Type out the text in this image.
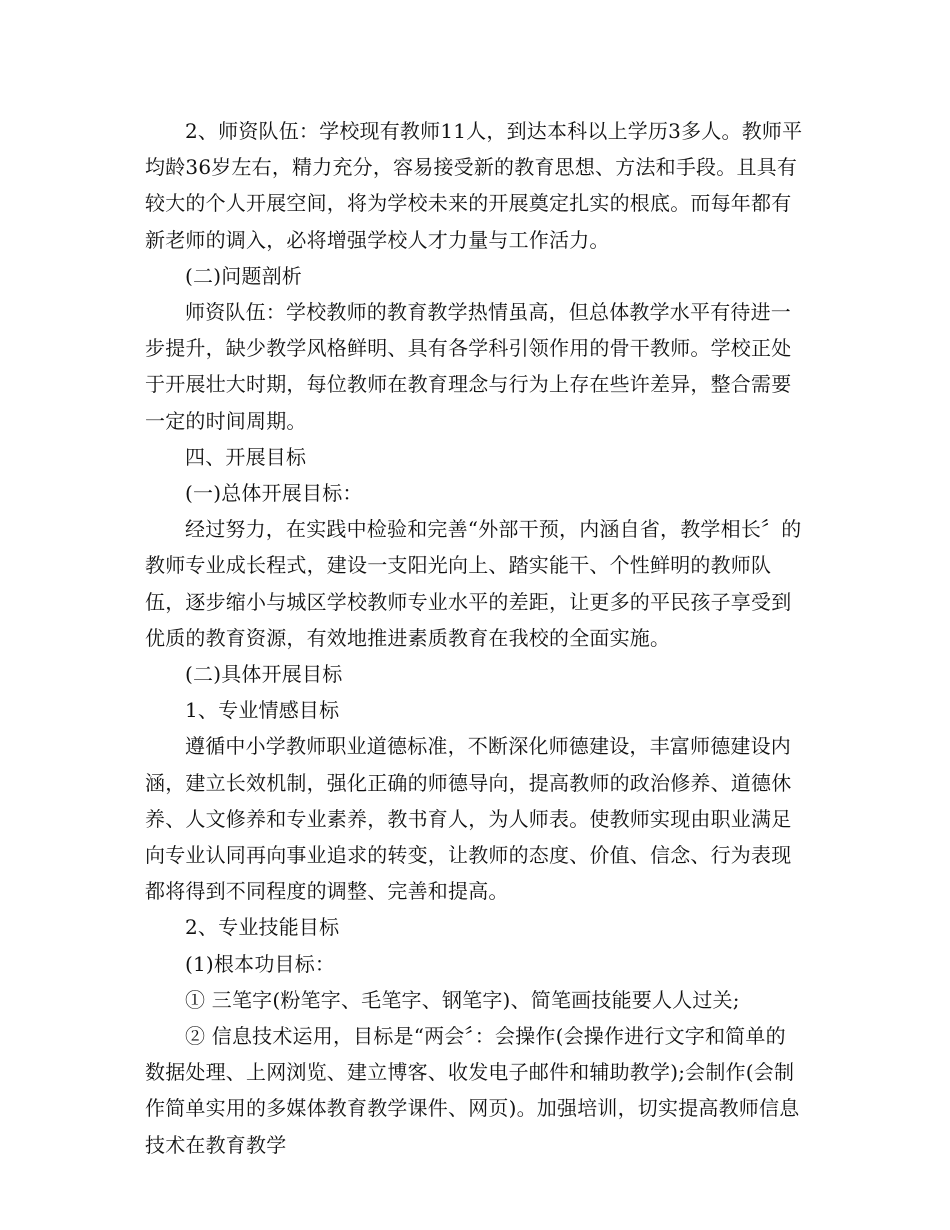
2、师资队伍：学校现有教师11人，到达本科以上学历3多人。教师平均龄36岁左右，精力充分，容易接受新的教育思想、方法和手段。且具有较大的个人开展空间，将为学校未来的开展奠定扎实的根底。而每年都有新老师的调入，必将增强学校人才力量与工作活力。

(二)问题剖析

师资队伍：学校教师的教育教学热情虽高，但总体教学水平有待进一步提升，缺少教学风格鲜明、具有各学科引领作用的骨干教师。学校正处于开展壮大时期，每位教师在教育理念与行为上存在些许差异，整合需要一定的时间周期。

四、开展目标

(一)总体开展目标：

经过努力，在实践中检验和完善“外部干预，内涵自省，教学相长〞的教师专业成长程式，建设一支阳光向上、踏实能干、个性鲜明的教师队伍，逐步缩小与城区学校教师专业水平的差距，让更多的平民孩子享受到优质的教育资源，有效地推进素质教育在我校的全面实施。

(二)具体开展目标

1、专业情感目标

遵循中小学教师职业道德标准，不断深化师德建设，丰富师德建设内涵，建立长效机制，强化正确的师德导向，提高教师的政治修养、道德休养、人文修养和专业素养，教书育人，为人师表。使教师实现由职业满足向专业认同再向事业追求的转变，让教师的态度、价值、信念、行为表现都将得到不同程度的调整、完善和提高。

2、专业技能目标

(1)根本功目标：

① 三笔字(粉笔字、毛笔字、钢笔字)、简笔画技能要人人过关;

② 信息技术运用，目标是“两会〞：会操作(会操作进行文字和简单的数据处理、上网浏览、建立博客、收发电子邮件和辅助教学);会制作(会制作简单实用的多媒体教育教学课件、网页)。加强培训，切实提高教师信息技术在教育教学
